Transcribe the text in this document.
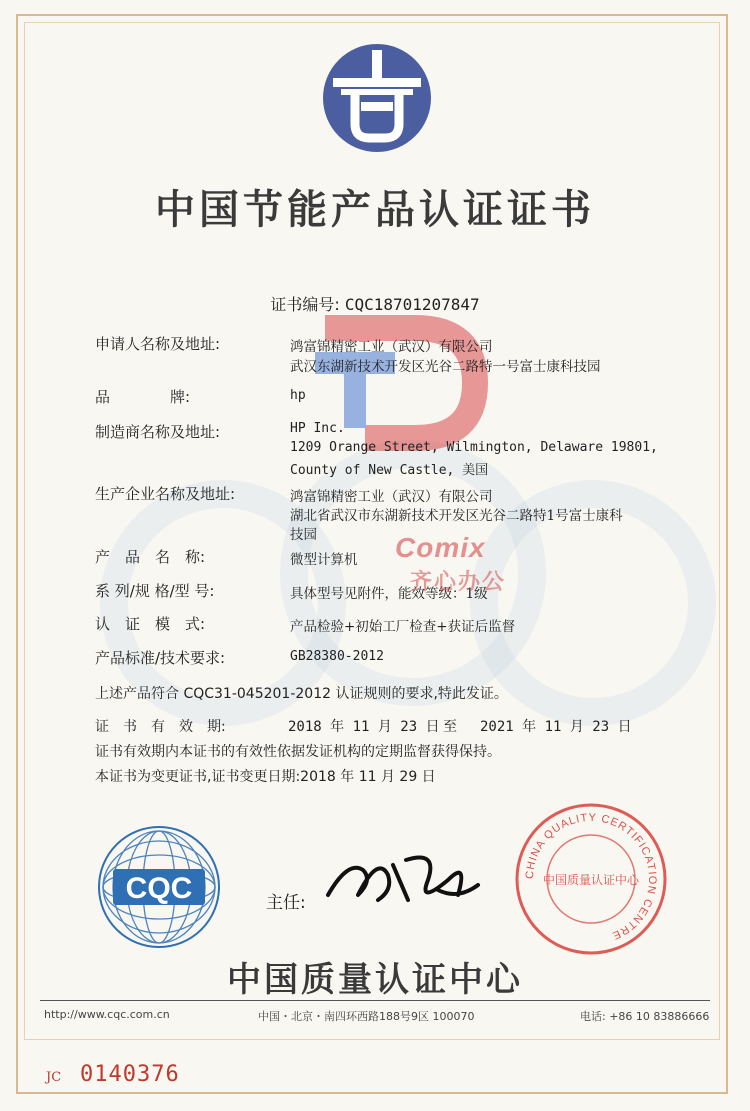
中国节能产品认证证书
证书编号: CQC18701207847
申请人名称及地址:	鸿富锦精密工业（武汉）有限公司
武汉东湖新技术开发区光谷二路特一号富士康科技园
品　　　　牌:	hp
制造商名称及地址:	HP Inc.
1209 Orange Street, Wilmington, Delaware 19801,
County of New Castle, 美国
生产企业名称及地址:	鸿富锦精密工业（武汉）有限公司
湖北省武汉市东湖新技术开发区光谷二路特1号富士康科
技园
产　品　名　称:	微型计算机
系 列/规 格/型 号:	具体型号见附件，能效等级：1级
认　证　模　式:	产品检验+初始工厂检查+获证后监督
产品标准/技术要求:	GB28380-2012
Comix
齐心办公
上述产品符合 CQC31-045201-2012 认证规则的要求,特此发证。
证　书　有　效　期:	2018 年 11 月 23 日 至 2021 年 11 月 23 日
证书有效期内本证书的有效性依据发证机构的定期监督获得保持。
本证书为变更证书,证书变更日期:2018 年 11 月 29 日
CQC	主任:
CHINA QUALITY CERTIFICATION CENTRE
中国质量认证中心
中国质量认证中心
http://www.cqc.com.cn	中国・北京・南四环西路188号9区 100070	电话: +86 10 83886666
JC 0140376
